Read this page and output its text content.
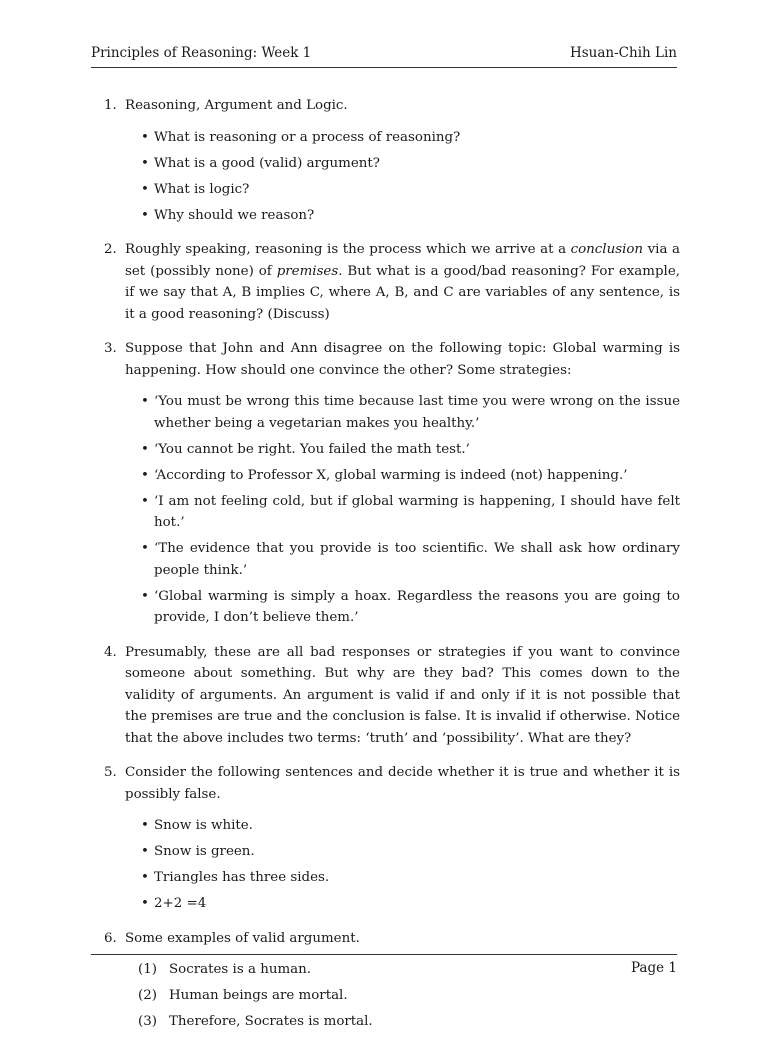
Principles of Reasoning: Week 1	Hsuan-Chih Lin
1. Reasoning, Argument and Logic.
• What is reasoning or a process of reasoning?
• What is a good (valid) argument?
• What is logic?
• Why should we reason?
2. Roughly speaking, reasoning is the process which we arrive at a conclusion via a set (possibly none) of premises. But what is a good/bad reasoning? For example, if we say that A, B implies C, where A, B, and C are variables of any sentence, is it a good reasoning? (Discuss)
3. Suppose that John and Ann disagree on the following topic: Global warming is happening. How should one convince the other? Some strategies:
• ‘You must be wrong this time because last time you were wrong on the issue whether being a vegetarian makes you healthy.’
• ‘You cannot be right. You failed the math test.’
• ‘According to Professor X, global warming is indeed (not) happening.’
• ‘I am not feeling cold, but if global warming is happening, I should have felt hot.’
• ‘The evidence that you provide is too scientific. We shall ask how ordinary people think.’
• ‘Global warming is simply a hoax. Regardless the reasons you are going to provide, I don’t believe them.’
4. Presumably, these are all bad responses or strategies if you want to convince someone about something. But why are they bad? This comes down to the validity of arguments. An argument is valid if and only if it is not possible that the premises are true and the conclusion is false. It is invalid if otherwise. Notice that the above includes two terms: ‘truth’ and ‘possibility’. What are they?
5. Consider the following sentences and decide whether it is true and whether it is possibly false.
• Snow is white.
• Snow is green.
• Triangles has three sides.
• 2+2 =4
6. Some examples of valid argument.
(1) Socrates is a human.
(2) Human beings are mortal.
(3) Therefore, Socrates is mortal.
Page 1
